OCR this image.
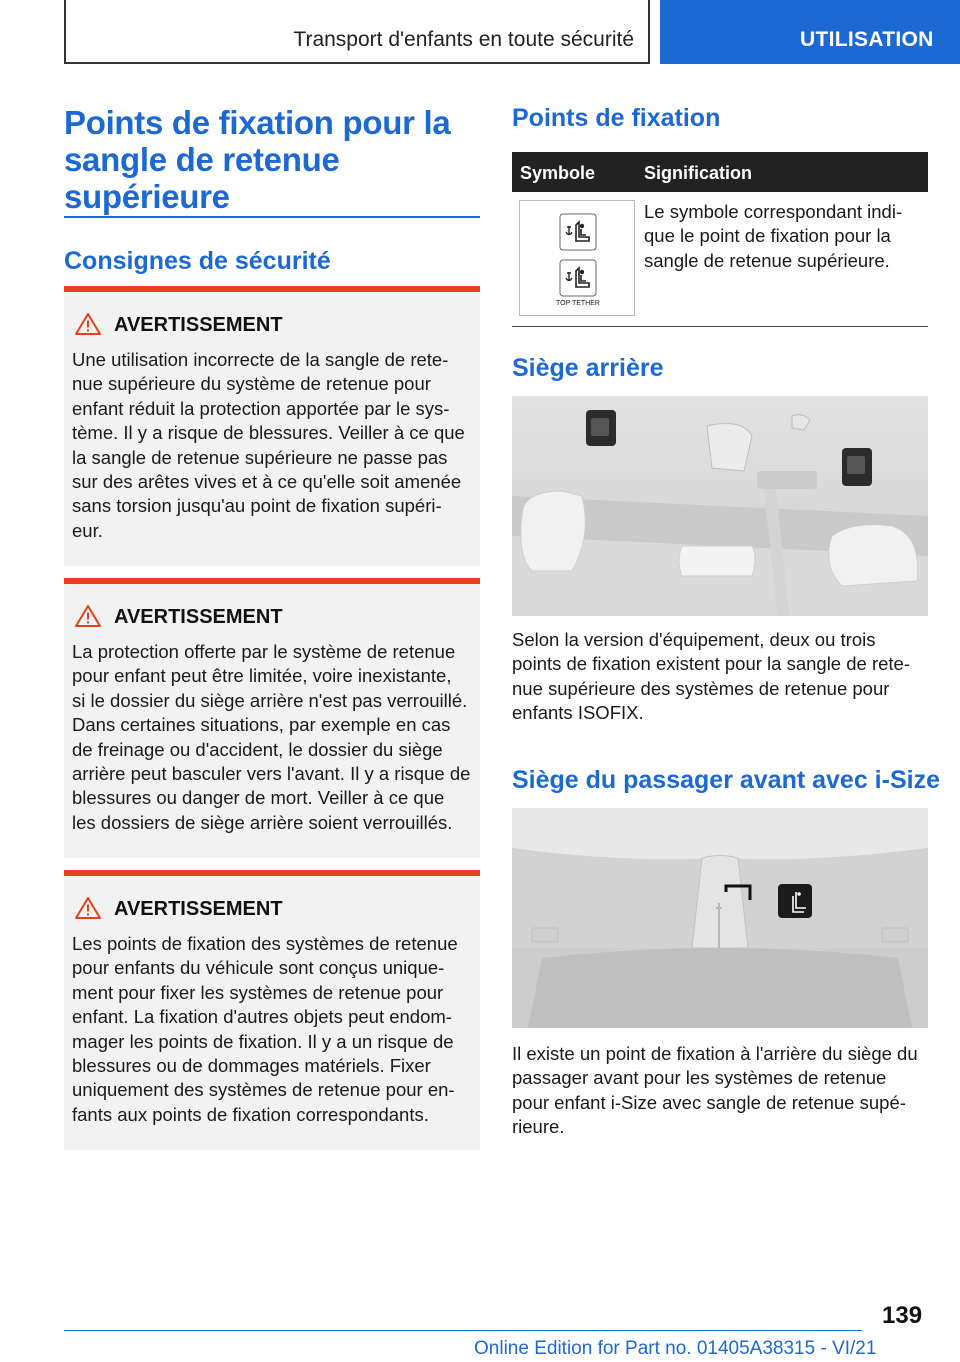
Transport d'enfants en toute sécurité	UTILISATION
Points de fixation pour la
sangle de retenue
supérieure
Consignes de sécurité
AVERTISSEMENT
Une utilisation incorrecte de la sangle de rete-
nue supérieure du système de retenue pour
enfant réduit la protection apportée par le sys-
tème. Il y a risque de blessures. Veiller à ce que
la sangle de retenue supérieure ne passe pas
sur des arêtes vives et à ce qu'elle soit amenée
sans torsion jusqu'au point de fixation supéri-
eur.
AVERTISSEMENT
La protection offerte par le système de retenue
pour enfant peut être limitée, voire inexistante,
si le dossier du siège arrière n'est pas verrouillé.
Dans certaines situations, par exemple en cas
de freinage ou d'accident, le dossier du siège
arrière peut basculer vers l'avant. Il y a risque de
blessures ou danger de mort. Veiller à ce que
les dossiers de siège arrière soient verrouillés.
AVERTISSEMENT
Les points de fixation des systèmes de retenue
pour enfants du véhicule sont conçus unique-
ment pour fixer les systèmes de retenue pour
enfant. La fixation d'autres objets peut endom-
mager les points de fixation. Il y a un risque de
blessures ou de dommages matériels. Fixer
uniquement des systèmes de retenue pour en-
fants aux points de fixation correspondants.
Points de fixation
Symbole	Signification
TOP TETHER
Le symbole correspondant indi-
que le point de fixation pour la
sangle de retenue supérieure.
Siège arrière
Selon la version d'équipement, deux ou trois
points de fixation existent pour la sangle de rete-
nue supérieure des systèmes de retenue pour
enfants ISOFIX.
Siège du passager avant avec i-Size
Il existe un point de fixation à l'arrière du siège du
passager avant pour les systèmes de retenue
pour enfant i-Size avec sangle de retenue supé-
rieure.
139
Online Edition for Part no. 01405A38315 - VI/21
